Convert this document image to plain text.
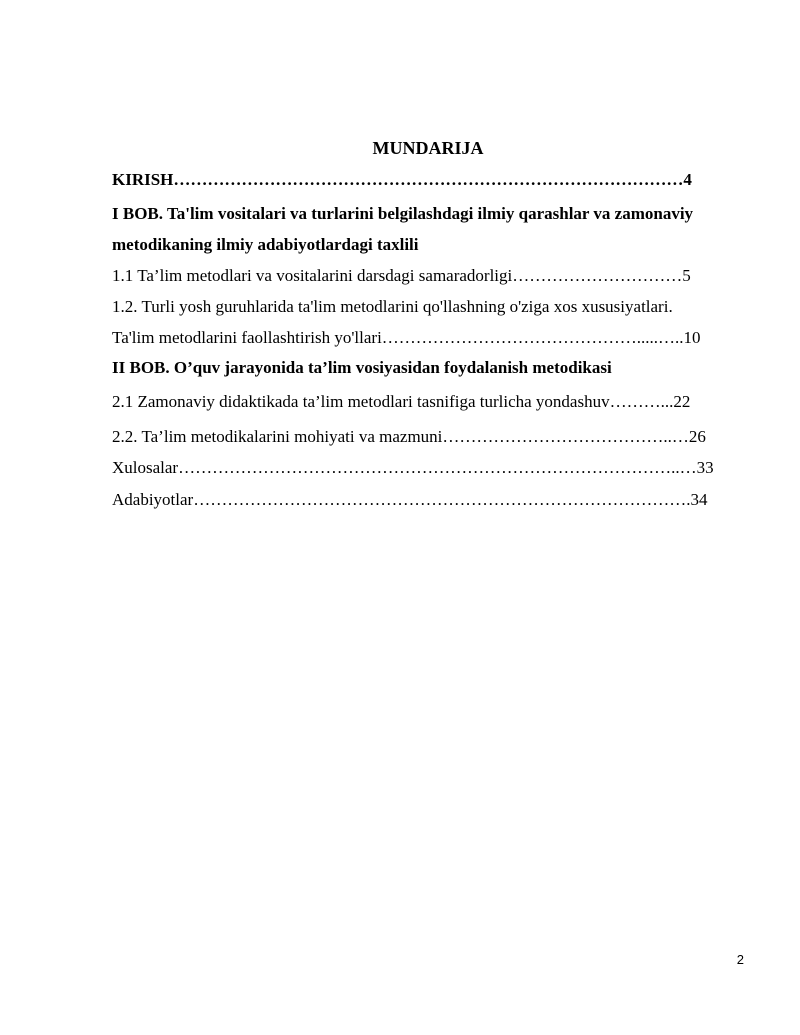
MUNDARIJA
KIRISH………………………………………………………………………………4
I BOB. Ta'lim vositalari va turlarini belgilashdagi ilmiy qarashlar va zamonaviy
metodikaning ilmiy adabiyotlardagi taxlili
1.1 Ta’lim metodlari va vositalarini darsdagi samaradorligi…………………………5
1.2. Turli yosh guruhlarida ta'lim metodlarini qo'llashning o'ziga xos xususiyatlari.
Ta'lim metodlarini faollashtirish yo'llari……………………………………….....…..10
II BOB. O’quv jarayonida ta’lim vosiyasidan foydalanish metodikasi
2.1 Zamonaviy didaktikada ta’lim metodlari tasnifiga turlicha yondashuv………...22
2.2. Ta’lim metodikalarini mohiyati va mazmuni…………………………………..…26
Xulosalar……………………………………………………………………………..…33
Adabiyotlar…………………………………………………………………………….34
2
